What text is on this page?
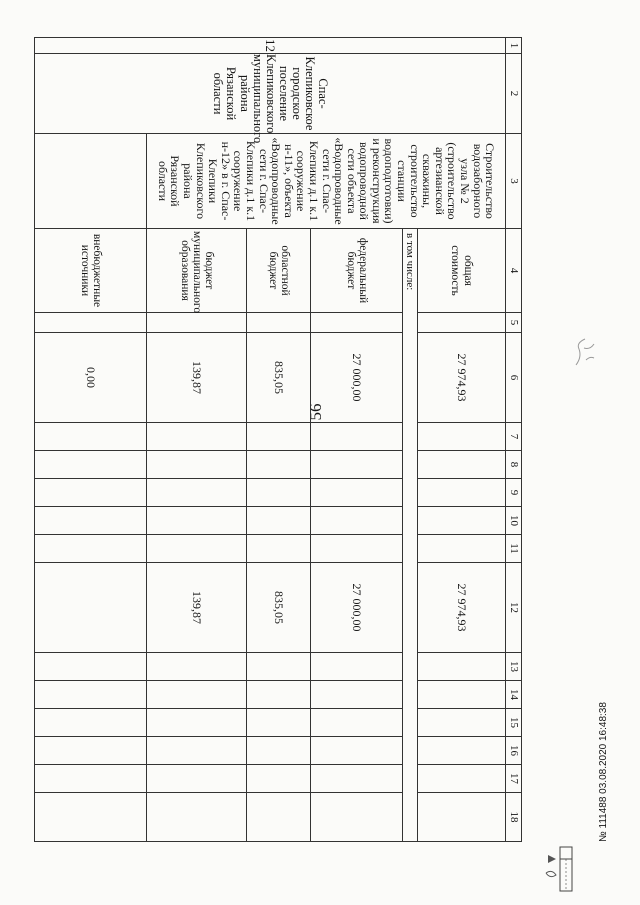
56
1	2	3	4	5	6	7	8	9	10	11	12	13	14	15	16	17	18
12	Спас-Клепиковское городское поселение Клепиковского муниципального района Рязанской области	Строительство водозаборного узла № 2 (строительство артезианской скважины, строительство станции водоподготовки) и реконструкция водопроводной сети объекта «Водопроводные сети г. Спас-Клепики д.1 к.1 сооружение н-11», объекта «Водопроводные сети г. Спас-Клепики д.1 к.1 сооружение н-12» в г. Спас-Клепики Клепиковского района Рязанской области	общая стоимость		27 974,93						27 974,93						
			в том числе:														
			федеральный бюджет		27 000,00						27 000,00						
			областной бюджет		835,05						835,05						
			бюджет муниципального образования		139,87						139,87						
			внебюджетные источники		0,00												
№ 111488 03.08.2020 16:48:38
